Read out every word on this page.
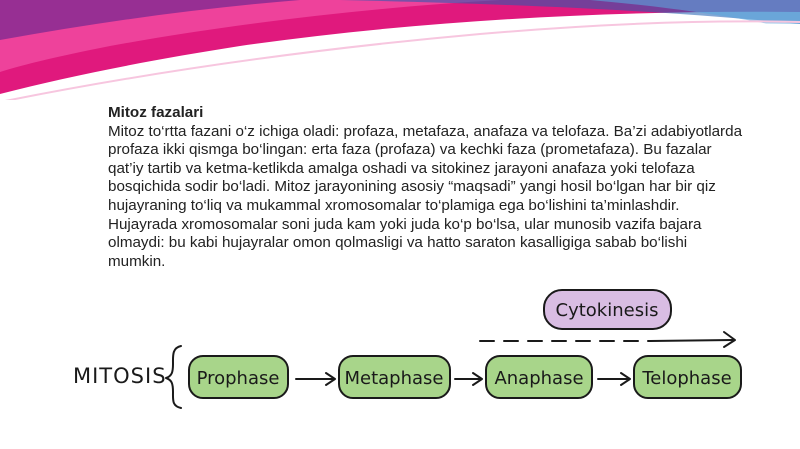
Mitoz fazalari

Mitoz to‘rtta fazani o‘z ichiga oladi: profaza, metafaza, anafaza va telofaza. Ba’zi adabiyotlarda profaza ikki qismga bo‘lingan: erta faza (profaza) va kechki faza (prometafaza). Bu fazalar qat’iy tartib va ketma-ketlikda amalga oshadi va sitokinez jarayoni anafaza yoki telofaza bosqichida sodir bo‘ladi. Mitoz jarayonining asosiy “maqsadi” yangi hosil bo‘lgan har bir qiz hujayraning to‘liq va mukammal xromosomalar to‘plamiga ega bo‘lishini ta’minlashdir. Hujayrada xromosomalar soni juda kam yoki juda ko‘p bo‘lsa, ular munosib vazifa bajara olmaydi: bu kabi hujayralar omon qolmasligi va hatto saraton kasalligiga sabab bo‘lishi mumkin.

MITOSIS
Cytokinesis
Prophase	Metaphase	Anaphase	Telophase
